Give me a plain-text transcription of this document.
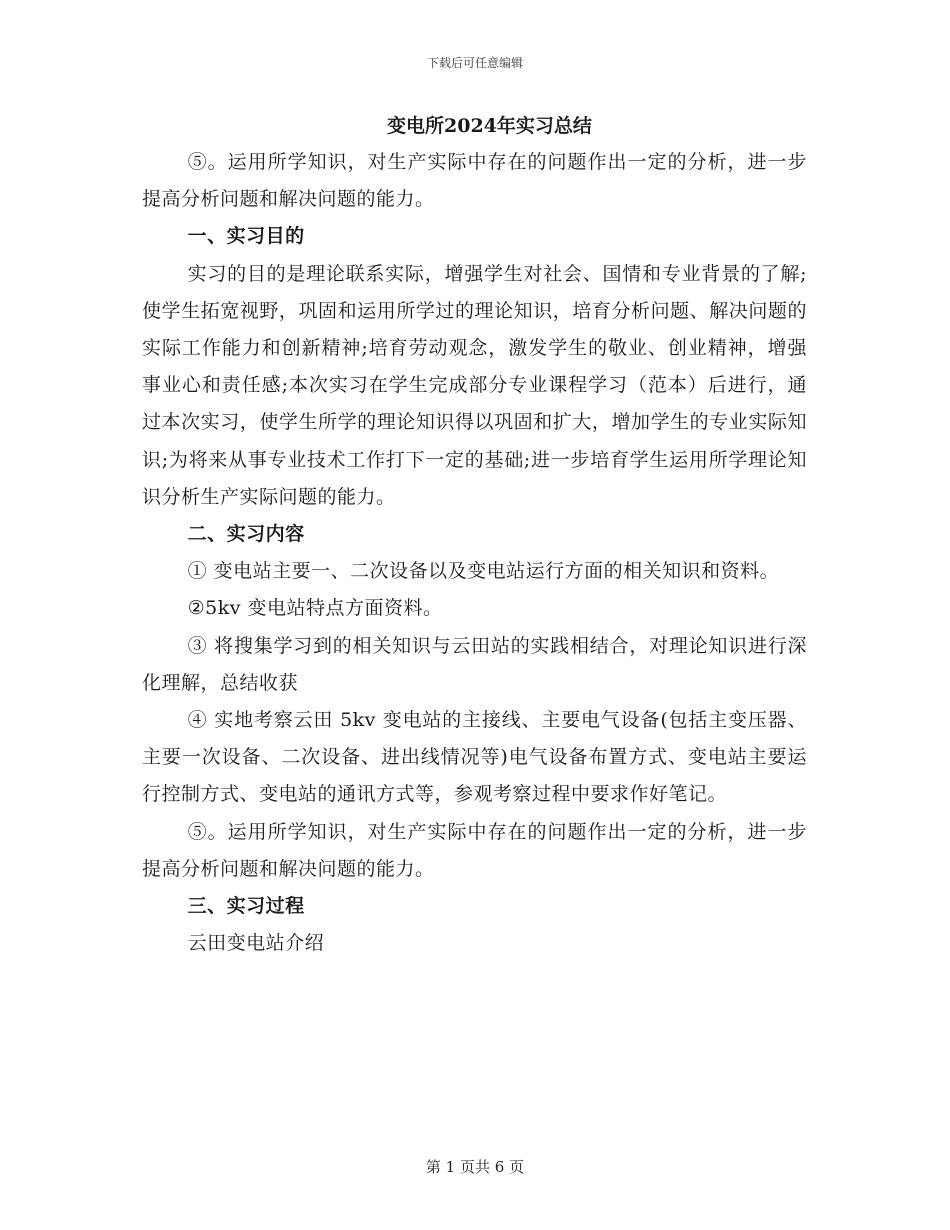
下载后可任意编辑
变电所2024年实习总结

⑤。运用所学知识，对生产实际中存在的问题作出一定的分析，进一步提高分析问题和解决问题的能力。

一、实习目的

实习的目的是理论联系实际，增强学生对社会、国情和专业背景的了解;使学生拓宽视野，巩固和运用所学过的理论知识，培育分析问题、解决问题的实际工作能力和创新精神;培育劳动观念，激发学生的敬业、创业精神，增强事业心和责任感;本次实习在学生完成部分专业课程学习（范本）后进行，通过本次实习，使学生所学的理论知识得以巩固和扩大，增加学生的专业实际知识;为将来从事专业技术工作打下一定的基础;进一步培育学生运用所学理论知识分析生产实际问题的能力。

二、实习内容

① 变电站主要一、二次设备以及变电站运行方面的相关知识和资料。

②5kv 变电站特点方面资料。

③ 将搜集学习到的相关知识与云田站的实践相结合，对理论知识进行深化理解，总结收获

④ 实地考察云田 5kv 变电站的主接线、主要电气设备(包括主变压器、主要一次设备、二次设备、进出线情况等)电气设备布置方式、变电站主要运行控制方式、变电站的通讯方式等，参观考察过程中要求作好笔记。

⑤。运用所学知识，对生产实际中存在的问题作出一定的分析，进一步提高分析问题和解决问题的能力。

三、实习过程

云田变电站介绍

第 1 页共 6 页
